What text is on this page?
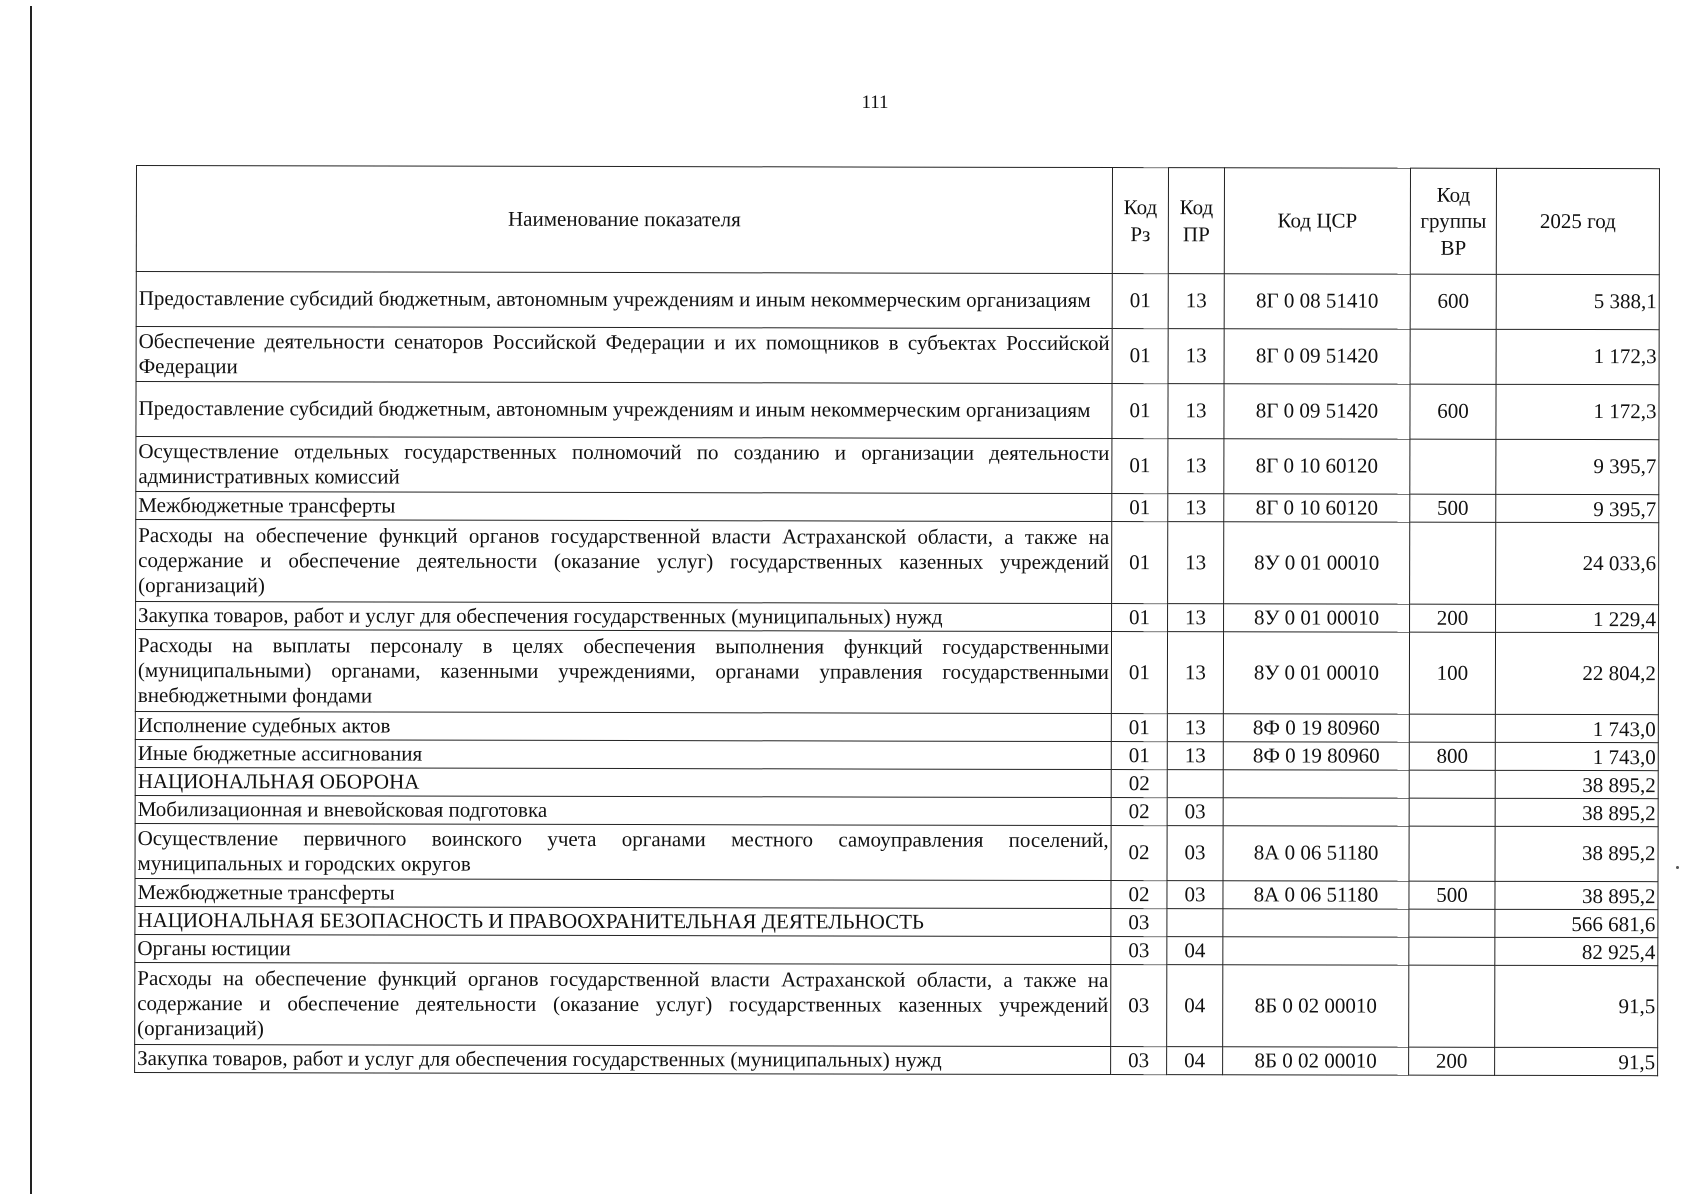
111
Наименование показателя	Код Рз	Код ПР	Код ЦСР	Код группы ВР	2025 год
Предоставление субсидий бюджетным, автономным учреждениям и иным некоммерческим организациям	01	13	8Г 0 08 51410	600	5 388,1
Обеспечение деятельности сенаторов Российской Федерации и их помощников в субъектах Российской Федерации	01	13	8Г 0 09 51420		1 172,3
Предоставление субсидий бюджетным, автономным учреждениям и иным некоммерческим организациям	01	13	8Г 0 09 51420	600	1 172,3
Осуществление отдельных государственных полномочий по созданию и организации деятельности административных комиссий	01	13	8Г 0 10 60120		9 395,7
Межбюджетные трансферты	01	13	8Г 0 10 60120	500	9 395,7
Расходы на обеспечение функций органов государственной власти Астраханской области, а также на содержание и обеспечение деятельности (оказание услуг) государственных казенных учреждений (организаций)	01	13	8У 0 01 00010		24 033,6
Закупка товаров, работ и услуг для обеспечения государственных (муниципальных) нужд	01	13	8У 0 01 00010	200	1 229,4
Расходы на выплаты персоналу в целях обеспечения выполнения функций государственными (муниципальными) органами, казенными учреждениями, органами управления государственными внебюджетными фондами	01	13	8У 0 01 00010	100	22 804,2
Исполнение судебных актов	01	13	8Ф 0 19 80960		1 743,0
Иные бюджетные ассигнования	01	13	8Ф 0 19 80960	800	1 743,0
НАЦИОНАЛЬНАЯ ОБОРОНА	02				38 895,2
Мобилизационная и вневойсковая подготовка	02	03			38 895,2
Осуществление первичного воинского учета органами местного самоуправления поселений, муниципальных и городских округов	02	03	8А 0 06 51180		38 895,2
Межбюджетные трансферты	02	03	8А 0 06 51180	500	38 895,2
НАЦИОНАЛЬНАЯ БЕЗОПАСНОСТЬ И ПРАВООХРАНИТЕЛЬНАЯ ДЕЯТЕЛЬНОСТЬ	03				566 681,6
Органы юстиции	03	04			82 925,4
Расходы на обеспечение функций органов государственной власти Астраханской области, а также на содержание и обеспечение деятельности (оказание услуг) государственных казенных учреждений (организаций)	03	04	8Б 0 02 00010		91,5
Закупка товаров, работ и услуг для обеспечения государственных (муниципальных) нужд	03	04	8Б 0 02 00010	200	91,5
